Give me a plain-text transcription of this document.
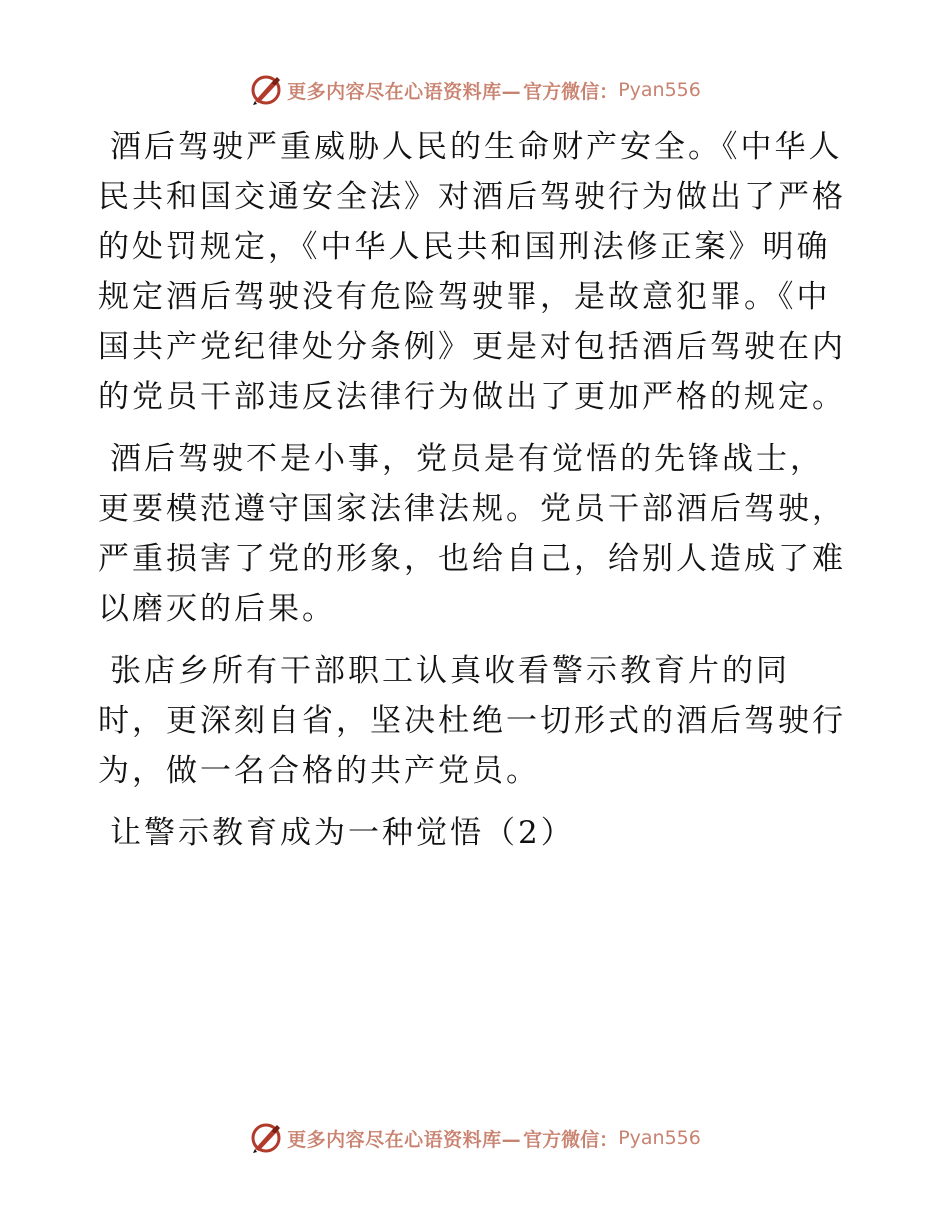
更多内容尽在心语资料库— 官方微信： Pyan556

酒后驾驶严重威胁人民的生命财产安全。《中华人民共和国交通安全法》对酒后驾驶行为做出了严格的处罚规定，《中华人民共和国刑法修正案》明确规定酒后驾驶没有危险驾驶罪，是故意犯罪。《中国共产党纪律处分条例》更是对包括酒后驾驶在内的党员干部违反法律行为做出了更加严格的规定。

酒后驾驶不是小事，党员是有觉悟的先锋战士，更要模范遵守国家法律法规。党员干部酒后驾驶，严重损害了党的形象，也给自己，给别人造成了难以磨灭的后果。

张店乡所有干部职工认真收看警示教育片的同时，更深刻自省，坚决杜绝一切形式的酒后驾驶行为，做一名合格的共产党员。

让警示教育成为一种觉悟（2）

更多内容尽在心语资料库— 官方微信： Pyan556
